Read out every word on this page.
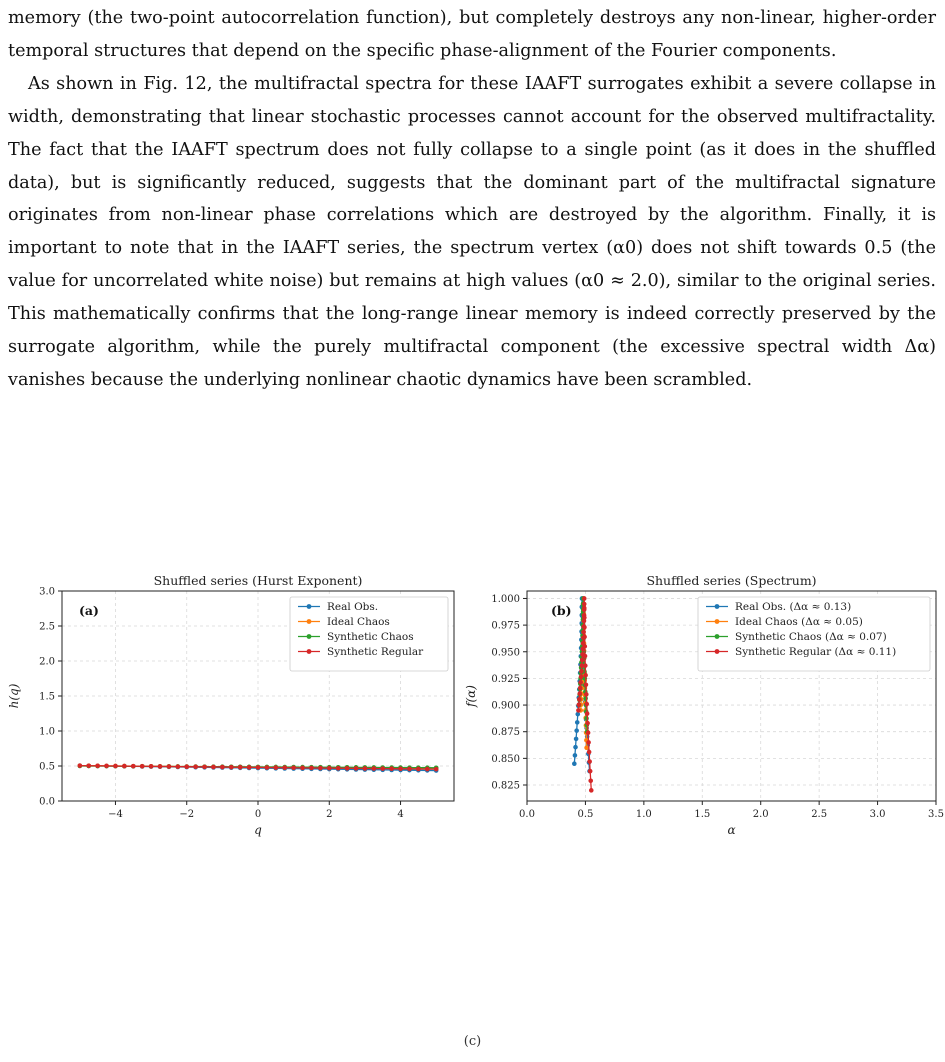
memory (the two-point autocorrelation function), but completely destroys any non-linear, higher-order temporal structures that depend on the specific phase-alignment of the Fourier components.

As shown in Fig. 12, the multifractal spectra for these IAAFT surrogates exhibit a severe collapse in width, demonstrating that linear stochastic processes cannot account for the observed multifractality. The fact that the IAAFT spectrum does not fully collapse to a single point (as it does in the shuffled data), but is significantly reduced, suggests that the dominant part of the multifractal signature originates from non-linear phase correlations which are destroyed by the algorithm. Finally, it is important to note that in the IAAFT series, the spectrum vertex (α0) does not shift towards 0.5 (the value for uncorrelated white noise) but remains at high values (α0 ≈ 2.0), similar to the original series. This mathematically confirms that the long-range linear memory is indeed correctly preserved by the surrogate algorithm, while the purely multifractal component (the excessive spectral width Δα) vanishes because the underlying nonlinear chaotic dynamics have been scrambled.

Shuffled series (Hurst Exponent)
−4	−2	0	2	4
0.0
0.5
1.0
1.5
2.0
2.5
3.0
(a)	Real Obs.
Ideal Chaos
Synthetic Chaos
Synthetic Regular
q
h(q)
Shuffled series (Spectrum)
0.0	0.5	1.0	1.5	2.0	2.5	3.0	3.5
0.825
0.850
0.875
0.900
0.925
0.950
0.975
1.000
(b)	Real Obs. (Δα ≈ 0.13)
Ideal Chaos (Δα ≈ 0.05)
Synthetic Chaos (Δα ≈ 0.07)
Synthetic Regular (Δα ≈ 0.11)
α
f(α)
(c)
